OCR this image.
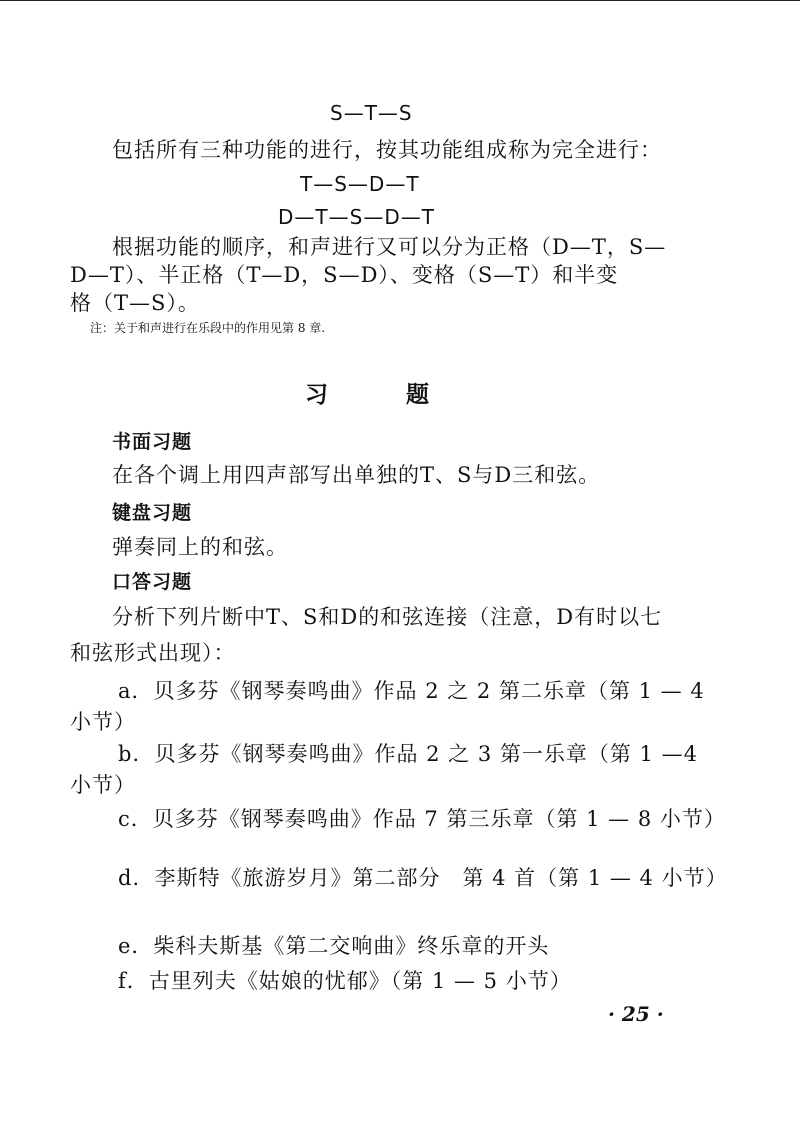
S—T—S
包括所有三种功能的进行，按其功能组成称为完全进行：
T—S—D—T
D—T—S—D—T
根据功能的顺序，和声进行又可以分为正格（D—T，S—
D—T）、半正格（T—D，S—D）、变格（S—T）和半变
格（T—S）。
注：关于和声进行在乐段中的作用见第 8 章.
习	题
书面习题
在各个调上用四声部写出单独的T、S与D三和弦。
键盘习题
弹奏同上的和弦。
口答习题
分析下列片断中T、S和D的和弦连接（注意，D有时以七
和弦形式出现）：
a．贝多芬《钢琴奏鸣曲》作品 2 之 2 第二乐章（第 1 — 4
小节）
b．贝多芬《钢琴奏鸣曲》作品 2 之 3 第一乐章（第 1 —4
小节）
c．贝多芬《钢琴奏鸣曲》作品 7 第三乐章（第 1 — 8 小节）
d．李斯特《旅游岁月》第二部分　第 4 首（第 1 — 4 小节）
e．柴科夫斯基《第二交响曲》终乐章的开头
f．古里列夫《姑娘的忧郁》（第 1 — 5 小节）
· 25 ·
